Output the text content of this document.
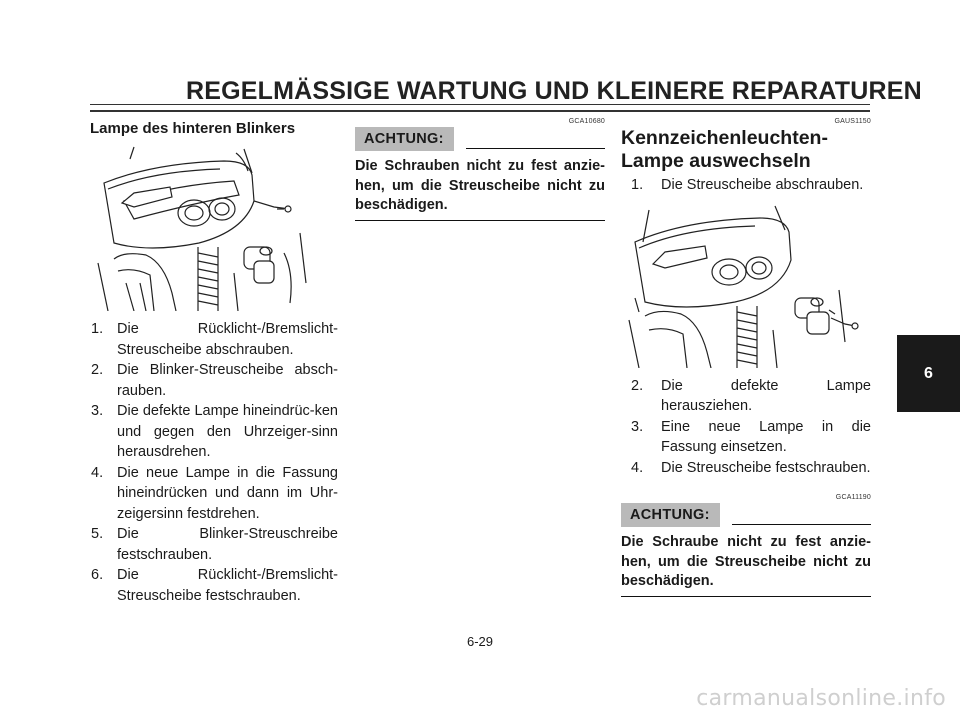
REGELMÄSSIGE WARTUNG UND KLEINERE REPARATUREN
Lampe des hinteren Blinkers
1. Die Rücklicht-/Bremslicht-Streuscheibe abschrauben.
2. Die Blinker-Streuscheibe absch-rauben.
3. Die defekte Lampe hineindrüc-ken und gegen den Uhrzeiger-sinn herausdrehen.
4. Die neue Lampe in die Fassung hineindrücken und dann im Uhr-zeigersinn festdrehen.
5. Die Blinker-Streuschreibe festschrauben.
6. Die Rücklicht-/Bremslicht-Streuscheibe festschrauben.
GCA10680
ACHTUNG:
Die Schrauben nicht zu fest anzie-hen, um die Streuscheibe nicht zu beschädigen.
GAUS1150
Kennzeichenleuchten-Lampe auswechseln
1.	Die Streuscheibe abschrauben.
2.	Die defekte Lampe herausziehen.
3.	Eine neue Lampe in die Fassung einsetzen.
4.	Die Streuscheibe festschrauben.
GCA11190
ACHTUNG:
Die Schraube nicht zu fest anzie-hen, um die Streuscheibe nicht zu beschädigen.
6
6-29
carmanualsonline.info
